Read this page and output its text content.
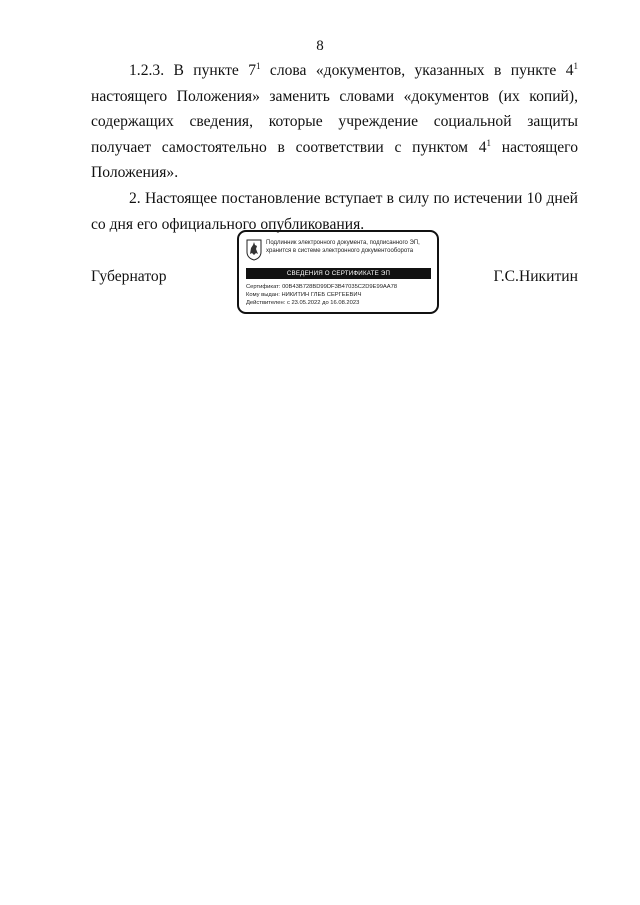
8

1.2.3. В пункте $7^1$ слова «документов, указанных в пункте $4^1$ настоящего Положения» заменить словами «документов (их копий), содержащих сведения, которые учреждение социальной защиты получает самостоятельно в соответствии с пунктом $4^1$ настоящего Положения».

2. Настоящее постановление вступает в силу по истечении 10 дней со дня его официального опубликования.

Губернатор
Подлинник электронного документа, подписанного ЭП, хранится в системе электронного документооборота
СВЕДЕНИЯ О СЕРТИФИКАТЕ ЭП
Сертификат: 00B43B728BD99DF3B47035C2D9E99AA78
Кому выдан: НИКИТИН ГЛЕБ СЕРГЕЕВИЧ
Действителен: с 23.05.2022 до 16.08.2023
Г.С.Никитин
